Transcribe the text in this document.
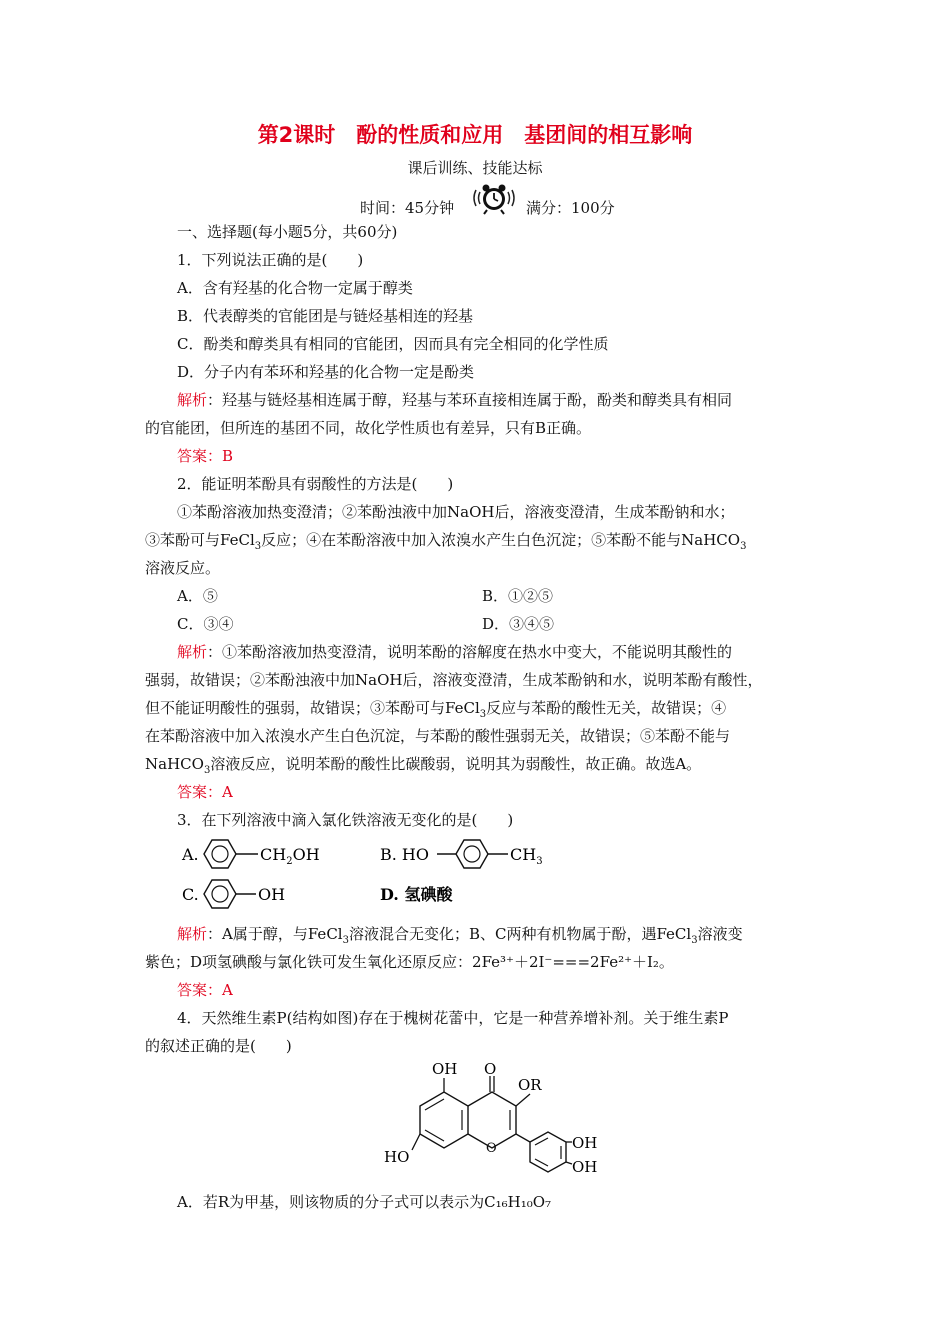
第2课时　酚的性质和应用　基团间的相互影响
课后训练、技能达标
时间：45分钟	满分：100分
一、选择题(每小题5分，共60分)
1．下列说法正确的是(　　)
A．含有羟基的化合物一定属于醇类
B．代表醇类的官能团是与链烃基相连的羟基
C．酚类和醇类具有相同的官能团，因而具有完全相同的化学性质
D．分子内有苯环和羟基的化合物一定是酚类
解析：羟基与链烃基相连属于醇，羟基与苯环直接相连属于酚，酚类和醇类具有相同
的官能团，但所连的基团不同，故化学性质也有差异，只有B正确。
答案：B
2．能证明苯酚具有弱酸性的方法是(　　)
①苯酚溶液加热变澄清；②苯酚浊液中加NaOH后，溶液变澄清，生成苯酚钠和水；
③苯酚可与FeCl$_3$反应；④在苯酚溶液中加入浓溴水产生白色沉淀；⑤苯酚不能与NaHCO$_3$
溶液反应。
A．⑤	B．①②⑤
C．③④	D．③④⑤
解析：①苯酚溶液加热变澄清，说明苯酚的溶解度在热水中变大，不能说明其酸性的
强弱，故错误；②苯酚浊液中加NaOH后，溶液变澄清，生成苯酚钠和水，说明苯酚有酸性，
但不能证明酸性的强弱，故错误；③苯酚可与FeCl$_3$反应与苯酚的酸性无关，故错误；④
在苯酚溶液中加入浓溴水产生白色沉淀，与苯酚的酸性强弱无关，故错误；⑤苯酚不能与
NaHCO$_3$溶液反应，说明苯酚的酸性比碳酸弱，说明其为弱酸性，故正确。故选A。
答案：A
3．在下列溶液中滴入氯化铁溶液无变化的是(　　)
A.	$CH_2OH$	B. HO	$CH_3$
C.	OH	D. 氢碘酸
解析：A属于醇，与FeCl$_3$溶液混合无变化；B、C两种有机物属于酚，遇FeCl$_3$溶液变
紫色；D项氢碘酸与氯化铁可发生氧化还原反应：2Fe³⁺＋2I⁻===2Fe²⁺＋I₂。
答案：A
4．天然维生素P(结构如图)存在于槐树花蕾中，它是一种营养增补剂。关于维生素P
的叙述正确的是(　　)
O
OH
OR
O
HO
OH
OH
A．若R为甲基，则该物质的分子式可以表示为C₁₆H₁₀O₇
